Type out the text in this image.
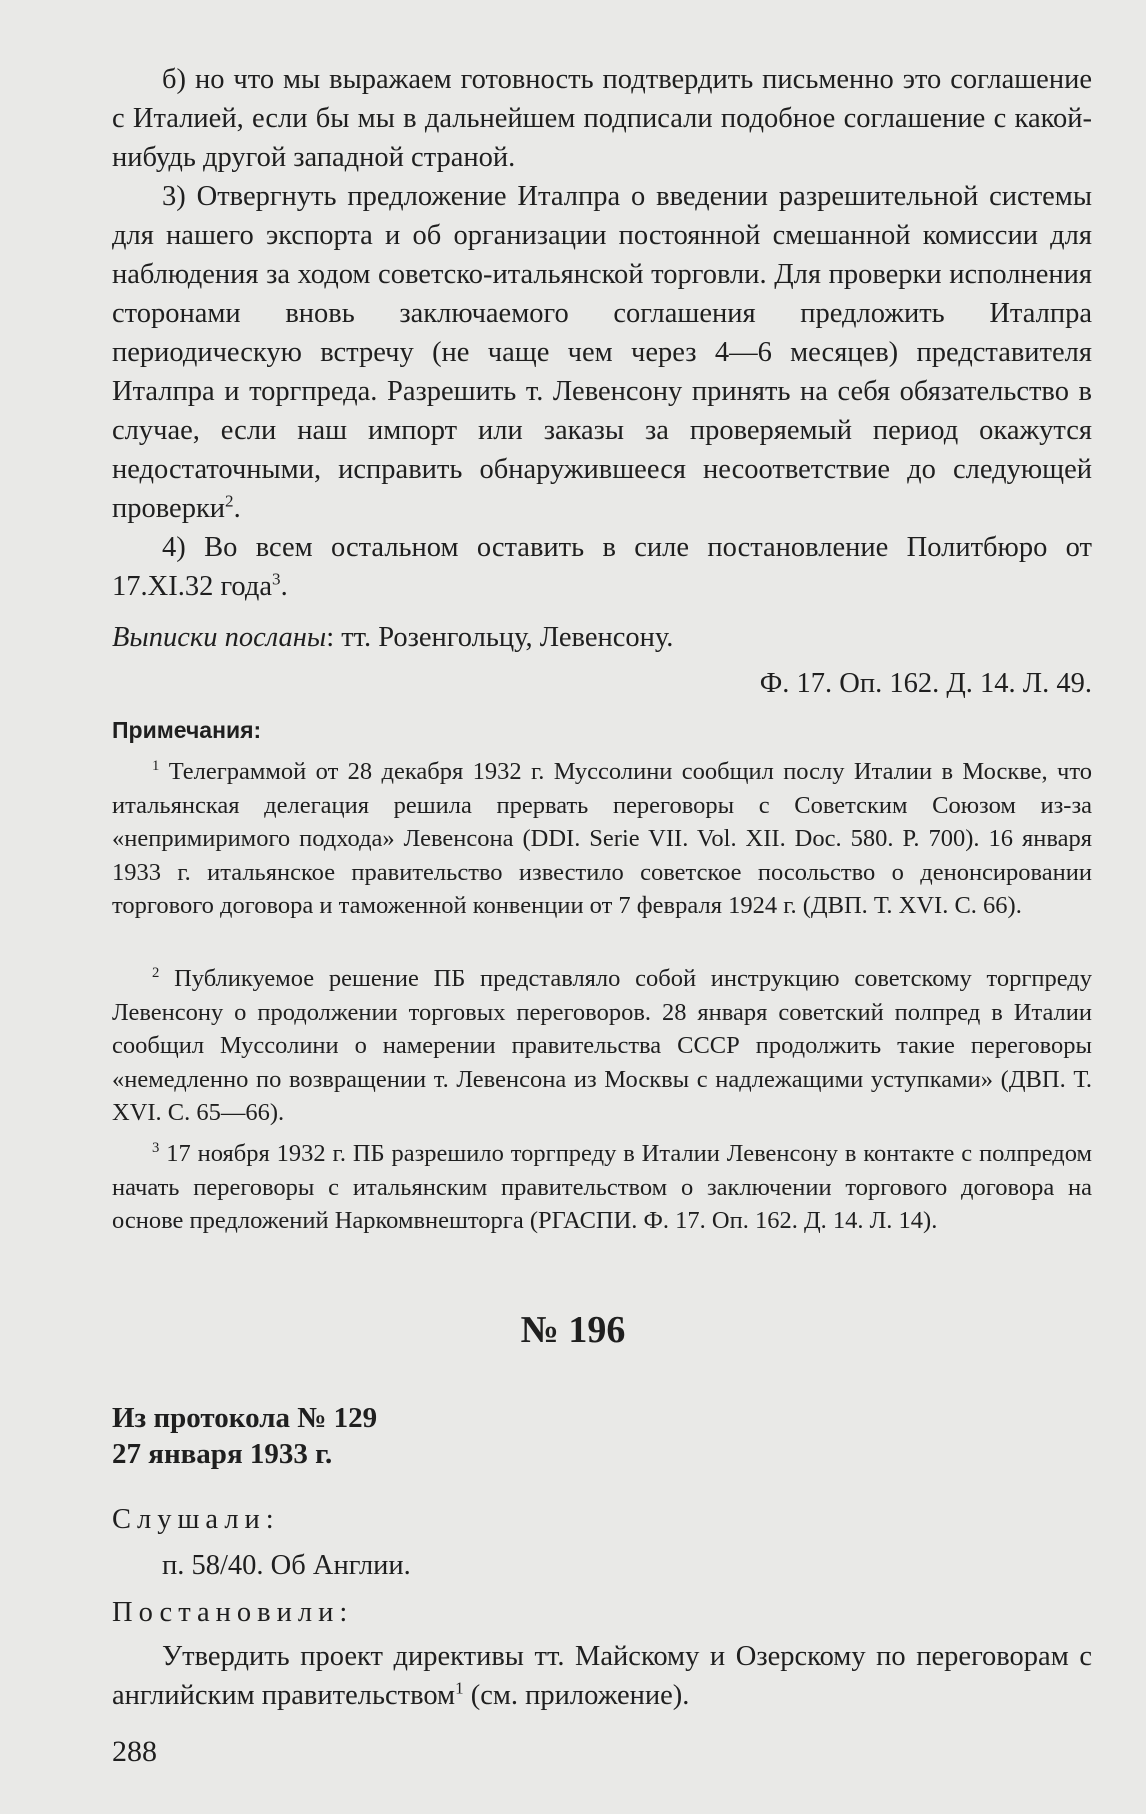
б) но что мы выражаем готовность подтвердить письменно это соглашение с Италией, если бы мы в дальнейшем подписали подобное соглашение с какой-нибудь другой западной страной.

3) Отвергнуть предложение Италпра о введении разрешительной системы для нашего экспорта и об организации постоянной смешанной комиссии для наблюдения за ходом советско-итальянской торговли. Для проверки исполнения сторонами вновь заключаемого соглашения предложить Италпра периодическую встречу (не чаще чем через 4—6 месяцев) представителя Италпра и торгпреда. Разрешить т. Левенсону принять на себя обязательство в случае, если наш импорт или заказы за проверяемый период окажутся недостаточными, исправить обнаружившееся несоответствие до следующей проверки$^2$.

4) Во всем остальном оставить в силе постановление Политбюро от 17.XI.32 года$^3$.

Выписки посланы: тт. Розенгольцу, Левенсону.

Ф. 17. Оп. 162. Д. 14. Л. 49.

Примечания:

$^1$ Телеграммой от 28 декабря 1932 г. Муссолини сообщил послу Италии в Москве, что итальянская делегация решила прервать переговоры с Советским Союзом из-за «непримиримого подхода» Левенсона (DDI. Serie VII. Vol. XII. Doc. 580. P. 700). 16 января 1933 г. итальянское правительство известило советское посольство о денонсировании торгового договора и таможенной конвенции от 7 февраля 1924 г. (ДВП. Т. XVI. С. 66).

$^2$ Публикуемое решение ПБ представляло собой инструкцию советскому торгпреду Левенсону о продолжении торговых переговоров. 28 января советский полпред в Италии сообщил Муссолини о намерении правительства СССР продолжить такие переговоры «немедленно по возвращении т. Левенсона из Москвы с надлежащими уступками» (ДВП. Т. XVI. С. 65—66).

$^3$ 17 ноября 1932 г. ПБ разрешило торгпреду в Италии Левенсону в контакте с полпредом начать переговоры с итальянским правительством о заключении торгового договора на основе предложений Наркомвнешторга (РГАСПИ. Ф. 17. Оп. 162. Д. 14. Л. 14).

№ 196

Из протокола № 129
27 января 1933 г.

Слушали:

п. 58/40. Об Англии.

Постановили:

Утвердить проект директивы тт. Майскому и Озерскому по переговорам с английским правительством$^1$ (см. приложение).

288
